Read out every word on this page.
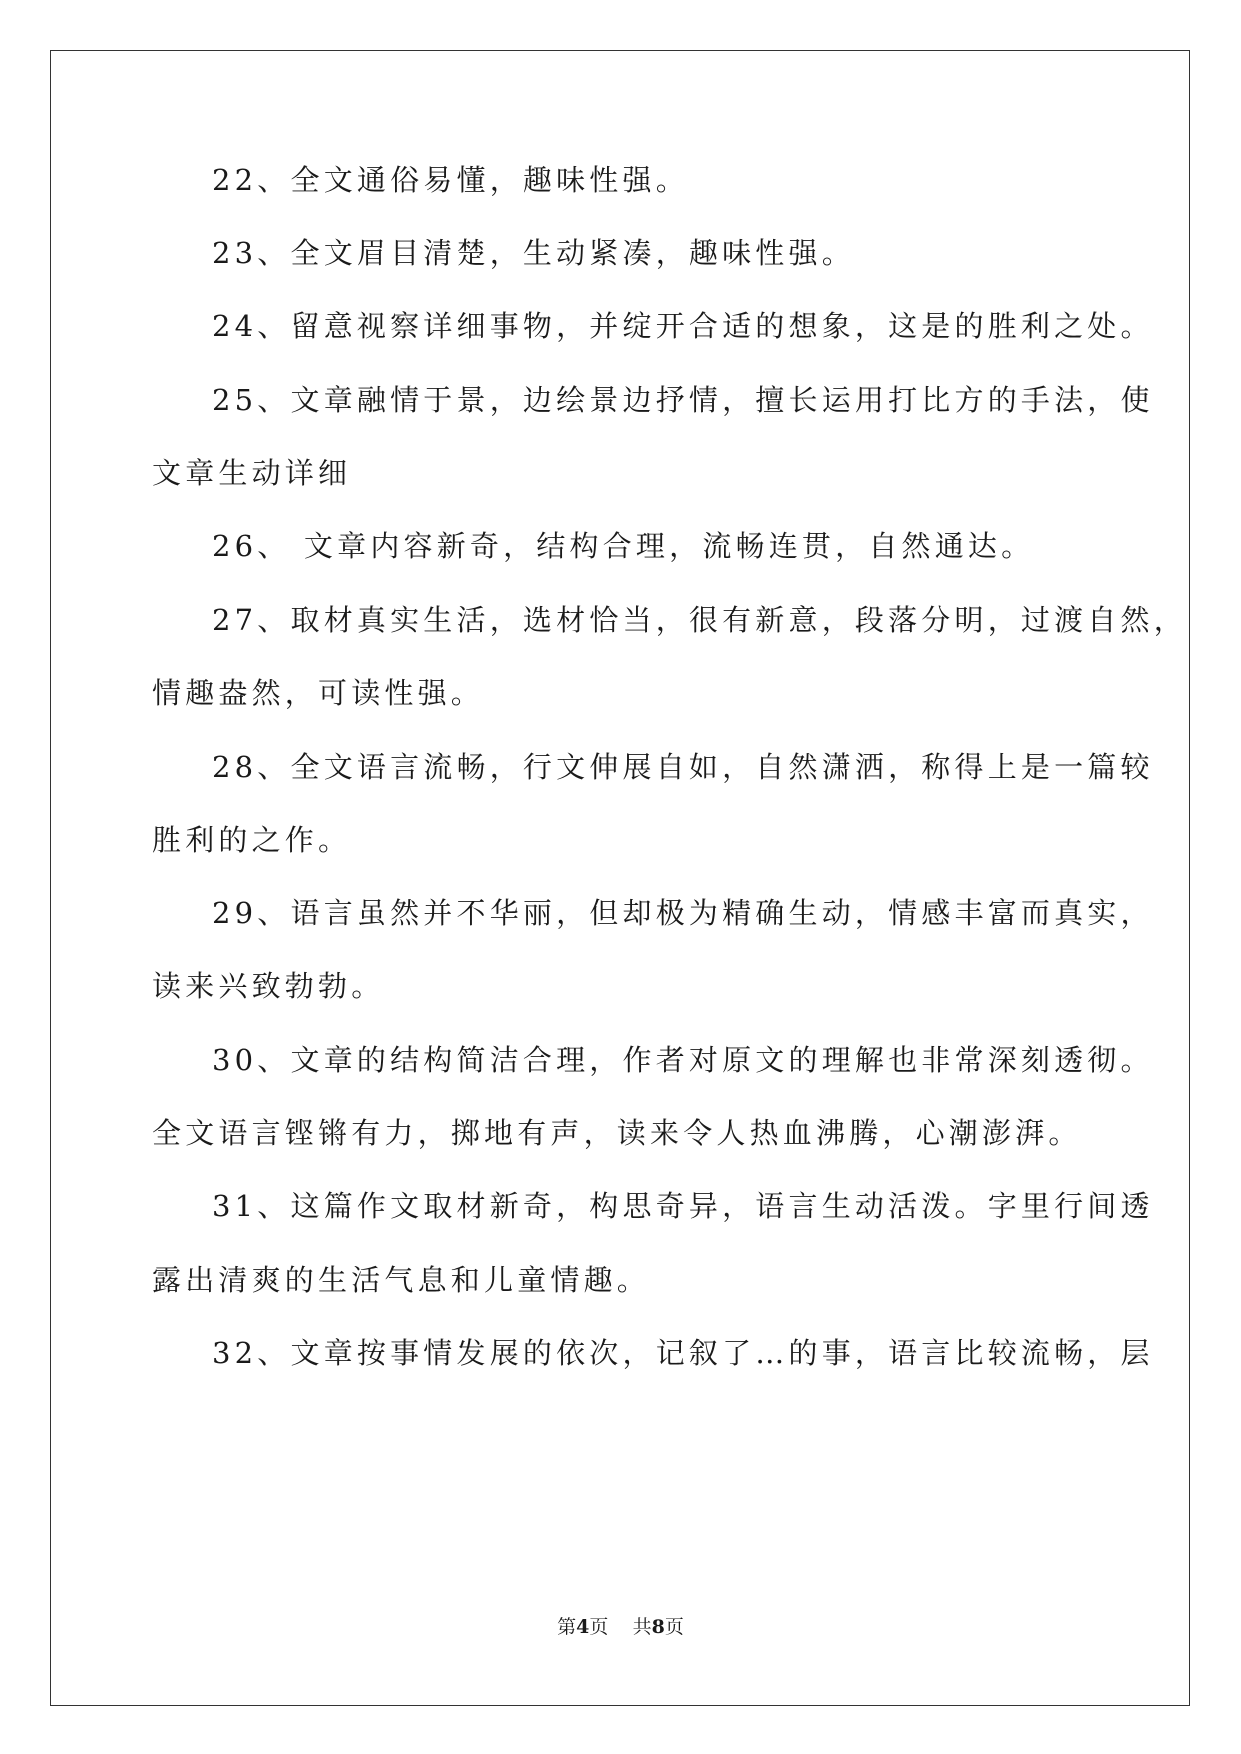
22、全文通俗易懂，趣味性强。
23、全文眉目清楚，生动紧凑，趣味性强。
24、留意视察详细事物，并绽开合适的想象，这是的胜利之处。
25、文章融情于景，边绘景边抒情，擅长运用打比方的手法，使
文章生动详细
26、 文章内容新奇，结构合理，流畅连贯，自然通达。
27、取材真实生活，选材恰当，很有新意，段落分明，过渡自然，
情趣盎然，可读性强。
28、全文语言流畅，行文伸展自如，自然潇洒，称得上是一篇较
胜利的之作。
29、语言虽然并不华丽，但却极为精确生动，情感丰富而真实，
读来兴致勃勃。
30、文章的结构简洁合理，作者对原文的理解也非常深刻透彻。
全文语言铿锵有力，掷地有声，读来令人热血沸腾，心潮澎湃。
31、这篇作文取材新奇，构思奇异，语言生动活泼。字里行间透
露出清爽的生活气息和儿童情趣。
32、文章按事情发展的依次，记叙了…的事，语言比较流畅，层
第4页 共8页
